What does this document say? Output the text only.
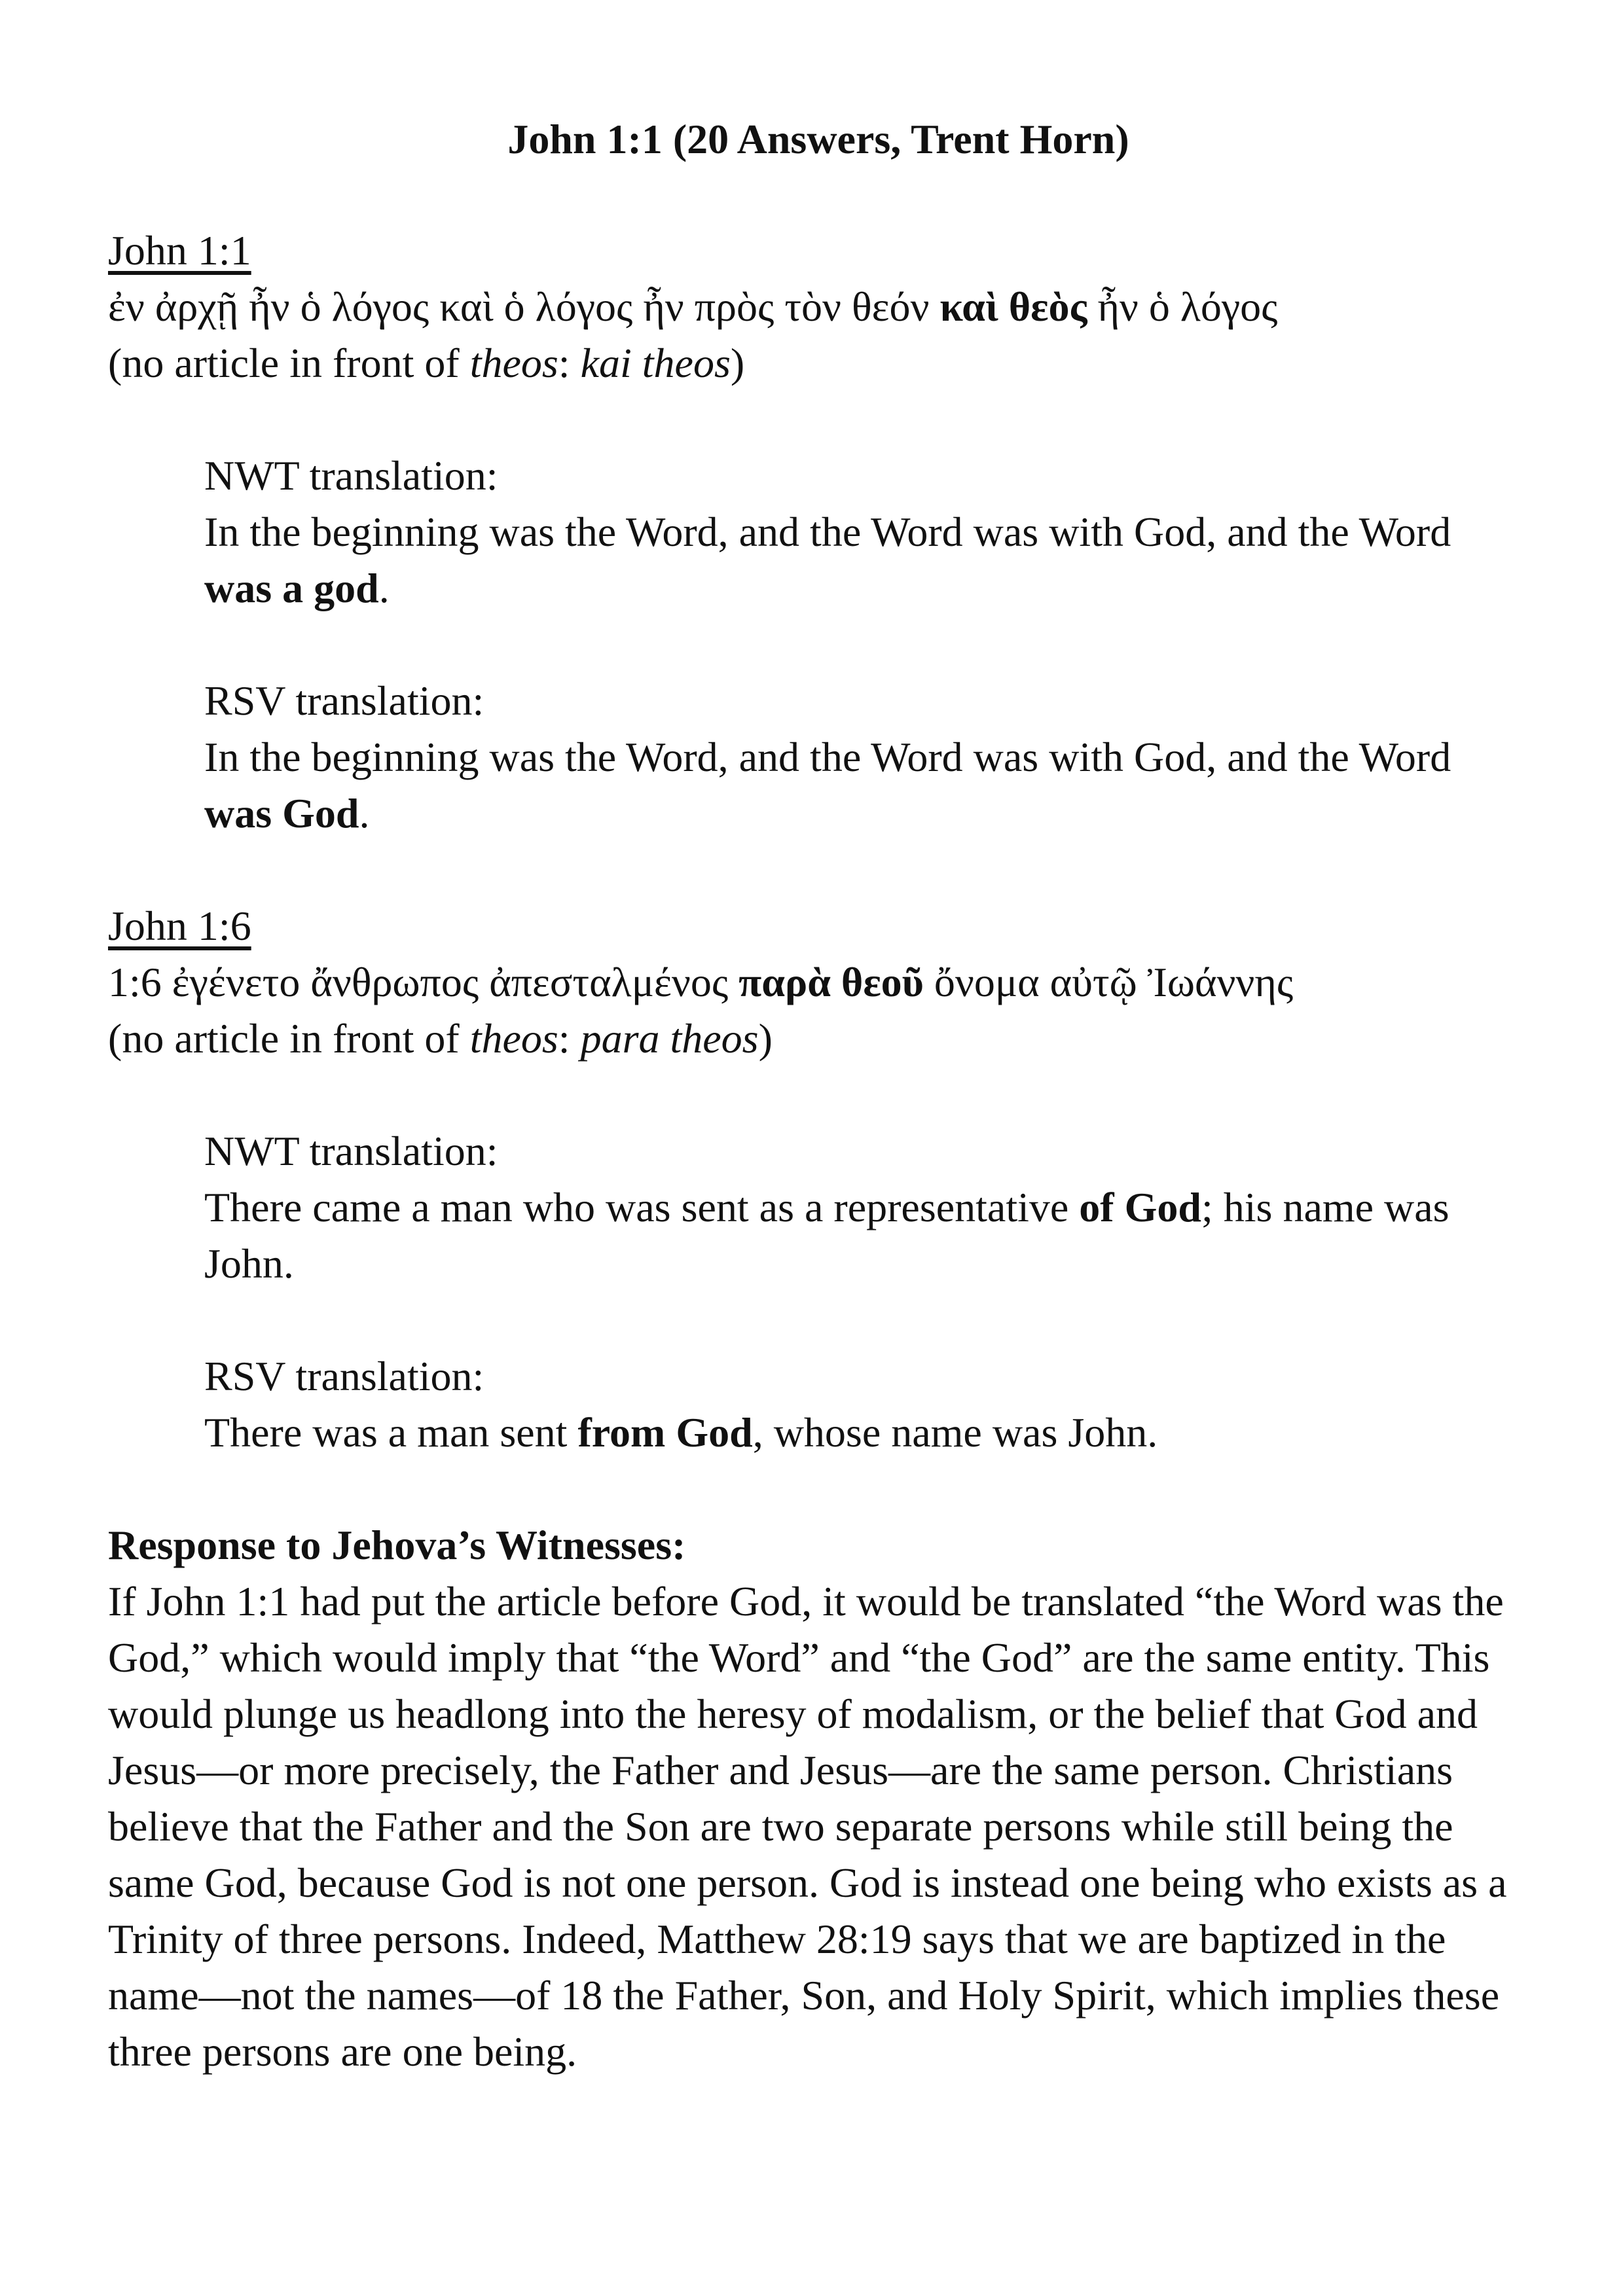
John 1:1 (20 Answers, Trent Horn)

John 1:1

ἐν ἀρχῇ ἦν ὁ λόγος καὶ ὁ λόγος ἦν πρὸς τὸν θεόν καὶ θεὸς ἦν ὁ λόγος

(no article in front of theos: kai theos)

NWT translation:

In the beginning was the Word, and the Word was with God, and the Word was a god.

RSV translation:

In the beginning was the Word, and the Word was with God, and the Word was God.

John 1:6

1:6 ἐγένετο ἄνθρωπος ἀπεσταλμένος παρὰ θεοῦ ὄνομα αὐτῷ Ἰωάννης

(no article in front of theos: para theos)

NWT translation:

There came a man who was sent as a representative of God; his name was John.

RSV translation:

There was a man sent from God, whose name was John.

Response to Jehova’s Witnesses:

If John 1:1 had put the article before God, it would be translated “the Word was the God,” which would imply that “the Word” and “the God” are the same entity. This would plunge us headlong into the heresy of modalism, or the belief that God and Jesus—or more precisely, the Father and Jesus—are the same person. Christians believe that the Father and the Son are two separate persons while still being the same God, because God is not one person. God is instead one being who exists as a Trinity of three persons. Indeed, Matthew 28:19 says that we are baptized in the name—not the names—of 18 the Father, Son, and Holy Spirit, which implies these three persons are one being.
